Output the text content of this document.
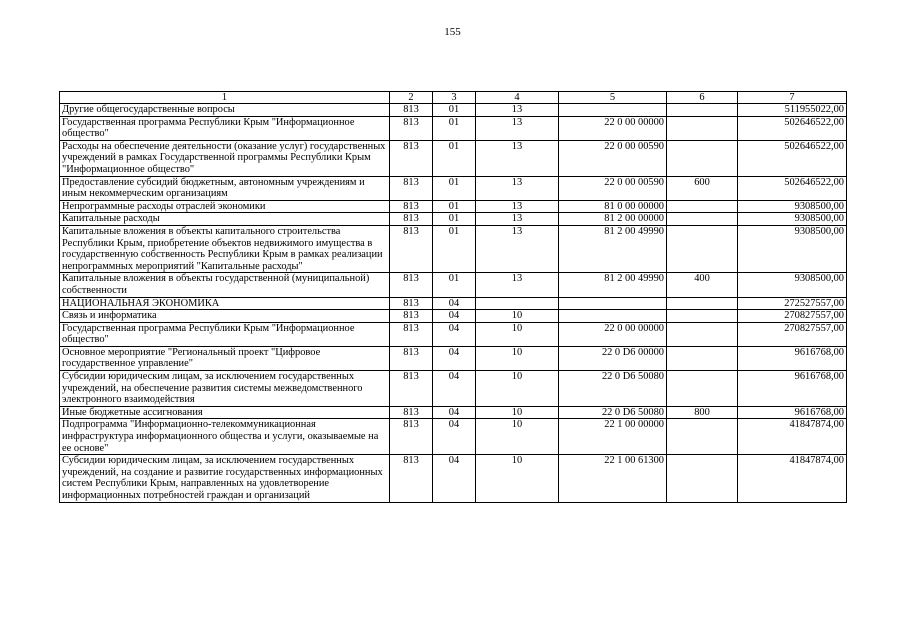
155
1	2	3	4	5	6	7
Другие общегосударственные вопросы	813	01	13			511955022,00
Государственная программа Республики Крым "Информационное общество"	813	01	13	22 0 00 00000		502646522,00
Расходы на обеспечение деятельности (оказание услуг) государственных учреждений в рамках Государственной программы Республики Крым "Информационное общество"	813	01	13	22 0 00 00590		502646522,00
Предоставление субсидий бюджетным, автономным учреждениям и иным некоммерческим организациям	813	01	13	22 0 00 00590	600	502646522,00
Непрограммные расходы отраслей экономики	813	01	13	81 0 00 00000		9308500,00
Капитальные расходы	813	01	13	81 2 00 00000		9308500,00
Капитальные вложения в объекты капитального строительства Республики Крым, приобретение объектов недвижимого имущества в государственную собственность Республики Крым в рамках реализации непрограммных мероприятий "Капитальные расходы"	813	01	13	81 2 00 49990		9308500,00
Капитальные вложения в объекты государственной (муниципальной) собственности	813	01	13	81 2 00 49990	400	9308500,00
НАЦИОНАЛЬНАЯ ЭКОНОМИКА	813	04				272527557,00
Связь и информатика	813	04	10			270827557,00
Государственная программа Республики Крым "Информационное общество"	813	04	10	22 0 00 00000		270827557,00
Основное мероприятие "Региональный проект "Цифровое государственное управление"	813	04	10	22 0 D6 00000		9616768,00
Субсидии юридическим лицам, за исключением государственных учреждений, на обеспечение развития системы межведомственного электронного взаимодействия	813	04	10	22 0 D6 50080		9616768,00
Иные бюджетные ассигнования	813	04	10	22 0 D6 50080	800	9616768,00
Подпрограмма "Информационно-телекоммуникационная инфраструктура информационного общества и услуги, оказываемые на ее основе"	813	04	10	22 1 00 00000		41847874,00
Субсидии юридическим лицам, за исключением государственных учреждений, на создание и развитие государственных информационных систем Республики Крым, направленных на удовлетворение информационных потребностей граждан и организаций	813	04	10	22 1 00 61300		41847874,00
